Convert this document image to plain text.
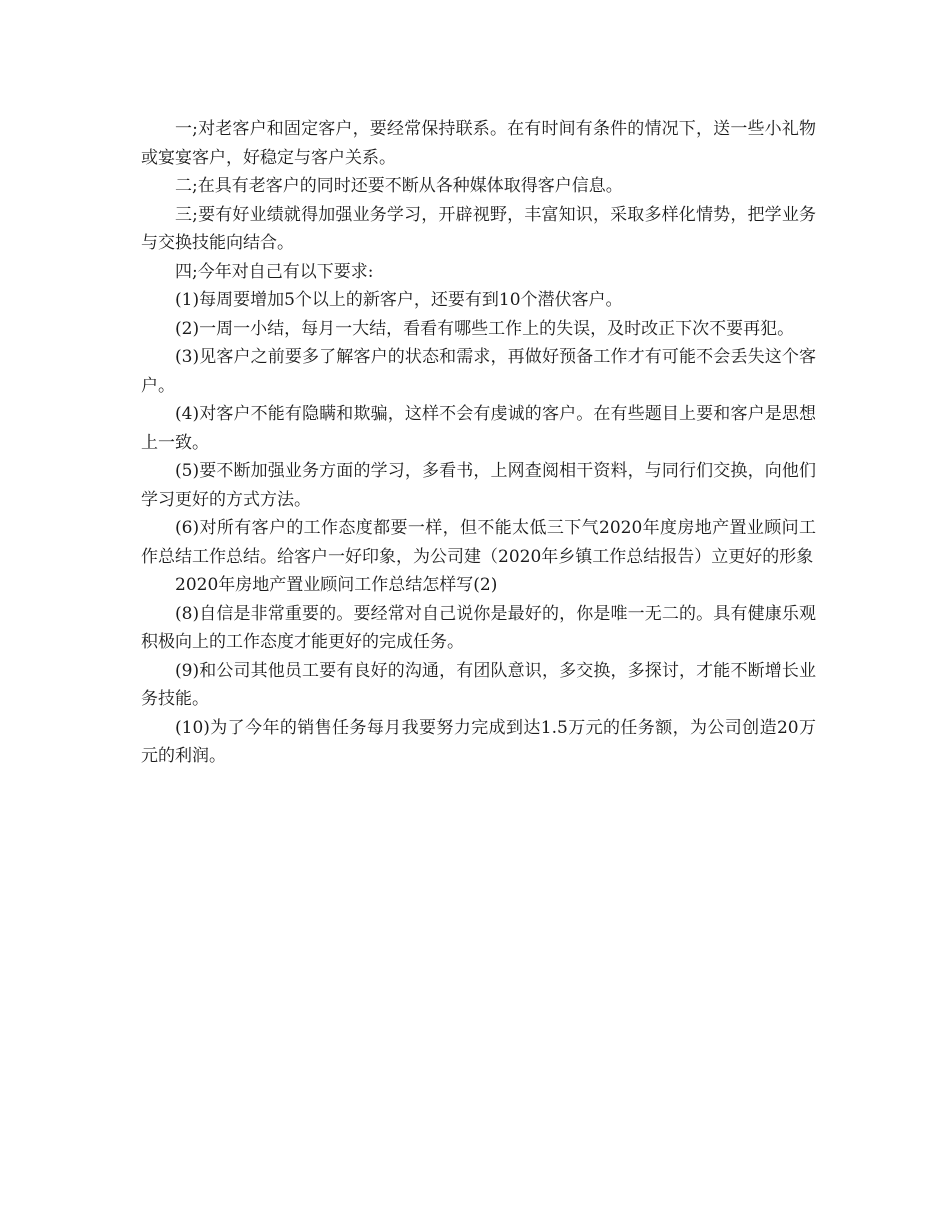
一;对老客户和固定客户，要经常保持联系。在有时间有条件的情况下，送一些小礼物或宴宴客户，好稳定与客户关系。

二;在具有老客户的同时还要不断从各种媒体取得客户信息。

三;要有好业绩就得加强业务学习，开辟视野，丰富知识，采取多样化情势，把学业务与交换技能向结合。

四;今年对自己有以下要求:

(1)每周要增加5个以上的新客户，还要有到10个潜伏客户。

(2)一周一小结，每月一大结，看看有哪些工作上的失误，及时改正下次不要再犯。

(3)见客户之前要多了解客户的状态和需求，再做好预备工作才有可能不会丢失这个客户。

(4)对客户不能有隐瞒和欺骗，这样不会有虔诚的客户。在有些题目上要和客户是思想上一致。

(5)要不断加强业务方面的学习，多看书，上网查阅相干资料，与同行们交换，向他们学习更好的方式方法。

(6)对所有客户的工作态度都要一样，但不能太低三下气2020年度房地产置业顾问工作总结工作总结。给客户一好印象，为公司建（2020年乡镇工作总结报告）立更好的形象

2020年房地产置业顾问工作总结怎样写(2)

(8)自信是非常重要的。要经常对自己说你是最好的，你是唯一无二的。具有健康乐观积极向上的工作态度才能更好的完成任务。

(9)和公司其他员工要有良好的沟通，有团队意识，多交换，多探讨，才能不断增长业务技能。

(10)为了今年的销售任务每月我要努力完成到达1.5万元的任务额，为公司创造20万元的利润。
